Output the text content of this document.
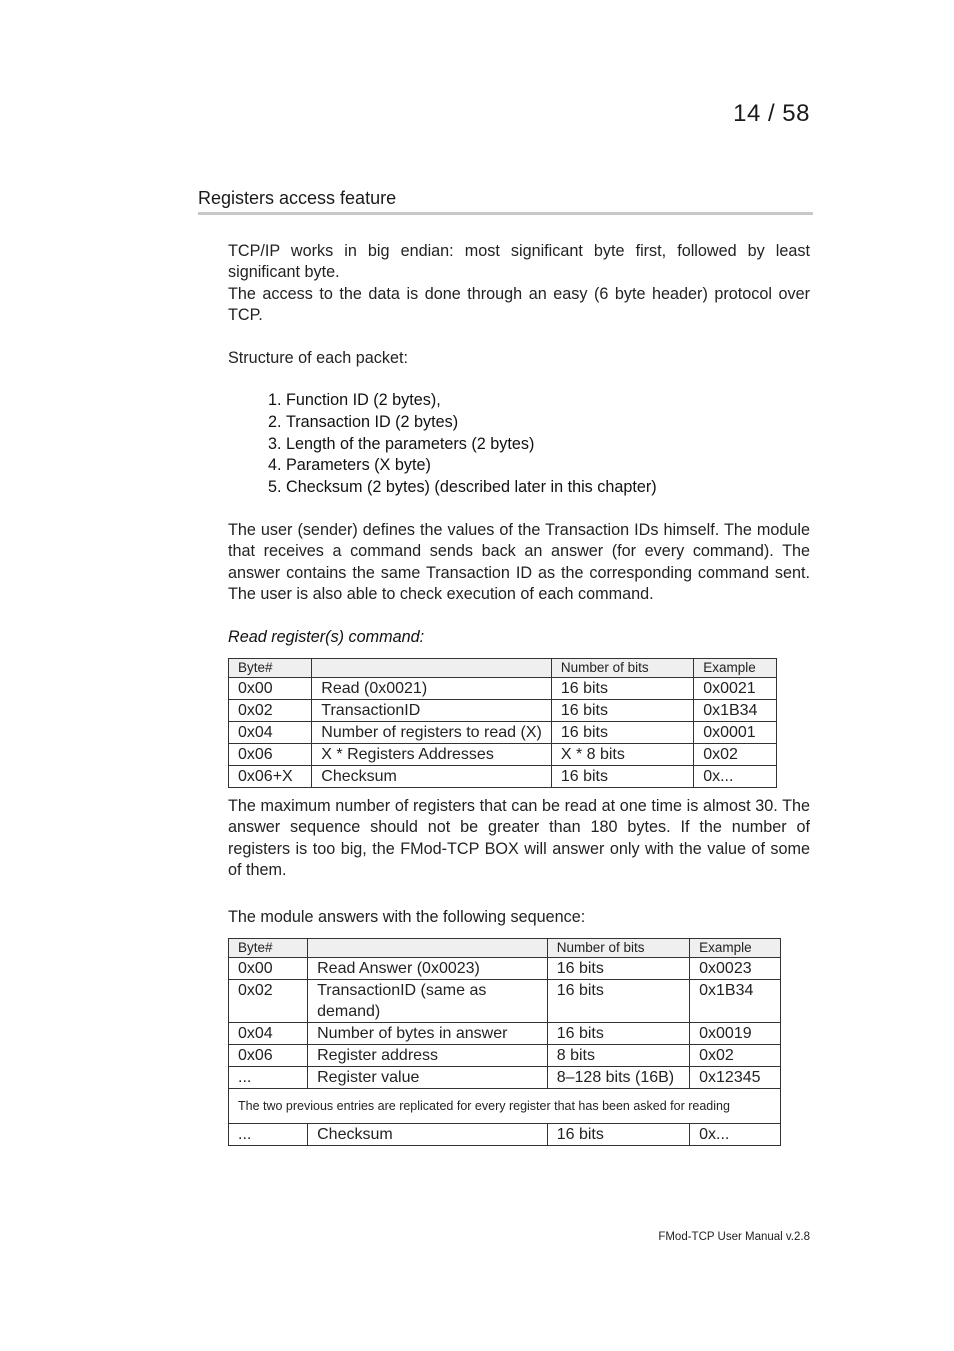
14 / 58
Registers access feature

TCP/IP works in big endian: most significant byte first, followed by least significant byte.

The access to the data is done through an easy (6 byte header) protocol over TCP.

Structure of each packet:

1. Function ID (2 bytes),
2. Transaction ID (2 bytes)
3. Length of the parameters (2 bytes)
4. Parameters (X byte)
5. Checksum (2 bytes) (described later in this chapter)

The user (sender) defines the values of the Transaction IDs himself. The module that receives a command sends back an answer (for every command). The answer contains the same Transaction ID as the corresponding command sent. The user is also able to check execution of each command.

Read register(s) command:

Byte#		Number of bits	Example
0x00	Read (0x0021)	16 bits	0x0021
0x02	TransactionID	16 bits	0x1B34
0x04	Number of registers to read (X)	16 bits	0x0001
0x06	X * Registers Addresses	X * 8 bits	0x02
0x06+X	Checksum	16 bits	0x...

The maximum number of registers that can be read at one time is almost 30. The answer sequence should not be greater than 180 bytes. If the number of registers is too big, the FMod-TCP BOX will answer only with the value of some of them.

The module answers with the following sequence:

Byte#		Number of bits	Example
0x00	Read Answer (0x0023)	16 bits	0x0023
0x02	TransactionID (same as demand)	16 bits	0x1B34
0x04	Number of bytes in answer	16 bits	0x0019
0x06	Register address	8 bits	0x02
...	Register value	8–128 bits (16B)	0x12345
The two previous entries are replicated for every register that has been asked for reading			
...	Checksum	16 bits	0x...
FMod-TCP User Manual v.2.8
